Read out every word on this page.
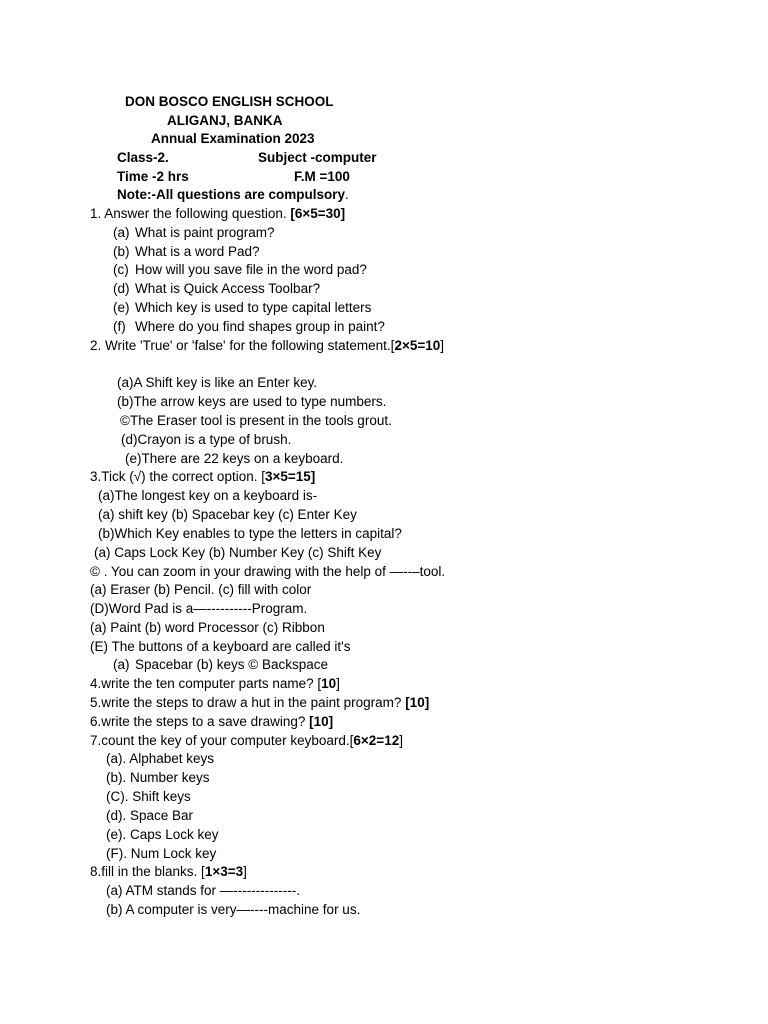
DON BOSCO ENGLISH SCHOOL
ALIGANJ, BANKA
Annual Examination 2023
Class-2.	Subject -computer
Time -2 hrs	F.M =100
Note:-All questions are compulsory.
1. Answer the following question. [6×5=30]
(a) What is paint program?
(b) What is a word Pad?
(c) How will you save file in the word pad?
(d) What is Quick Access Toolbar?
(e) Which key is used to type capital letters
(f) Where do you find shapes group in paint?
2. Write 'True' or 'false' for the following statement.[2×5=10]
(a)A Shift key is like an Enter key.
(b)The arrow keys are used to type numbers.
©The Eraser tool is present in the tools grout.
(d)Crayon is a type of brush.
(e)There are 22 keys on a keyboard.
3.Tick (√) the correct option. [3×5=15]
(a)The longest key on a keyboard is-
(a) shift key (b) Spacebar key (c) Enter Key
(b)Which Key enables to type the letters in capital?
(a) Caps Lock Key (b) Number Key (c) Shift Key
© . You can zoom in your drawing with the help of —--–tool.
(a) Eraser (b) Pencil. (c) fill with color
(D)Word Pad is a—----------Program.
(a) Paint (b) word Processor (c) Ribbon
(E) The buttons of a keyboard are called it's
(a) Spacebar (b) keys © Backspace
4.write the ten computer parts name? [10]
5.write the steps to draw a hut in the paint program? [10]
6.write the steps to a save drawing? [10]
7.count the key of your computer keyboard.[6×2=12]
(a). Alphabet keys
(b). Number keys
(C). Shift keys
(d). Space Bar
(e). Caps Lock key
(F). Num Lock key
8.fill in the blanks. [1×3=3]
(a) ATM stands for —--------------.
(b) A computer is very—----machine for us.
